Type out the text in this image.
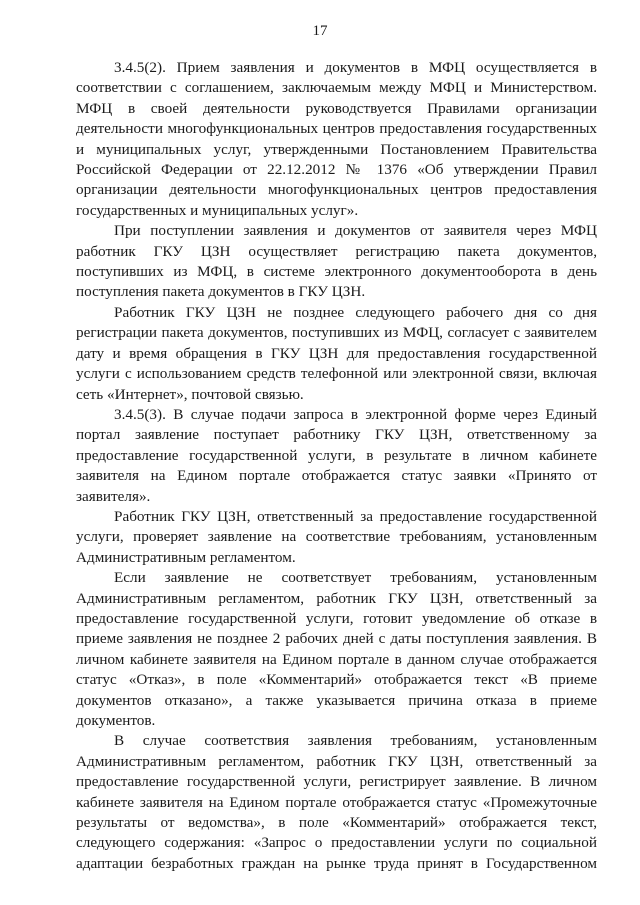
17

3.4.5(2). Прием заявления и документов в МФЦ осуществляется в
соответствии с соглашением, заключаемым между МФЦ и Министерством.
МФЦ в своей деятельности руководствуется Правилами организации
деятельности многофункциональных центров предоставления государственных
и муниципальных услуг, утвержденными Постановлением Правительства
Российской Федерации от 22.12.2012 № 1376 «Об утверждении Правил
организации деятельности многофункциональных центров предоставления
государственных и муниципальных услуг».

При поступлении заявления и документов от заявителя через МФЦ
работник ГКУ ЦЗН осуществляет регистрацию пакета документов,
поступивших из МФЦ, в системе электронного документооборота в день
поступления пакета документов в ГКУ ЦЗН.

Работник ГКУ ЦЗН не позднее следующего рабочего дня со дня
регистрации пакета документов, поступивших из МФЦ, согласует с заявителем
дату и время обращения в ГКУ ЦЗН для предоставления государственной
услуги с использованием средств телефонной или электронной связи, включая
сеть «Интернет», почтовой связью.

3.4.5(3). В случае подачи запроса в электронной форме через Единый
портал заявление поступает работнику ГКУ ЦЗН, ответственному за
предоставление государственной услуги, в результате в личном кабинете
заявителя на Едином портале отображается статус заявки «Принято от
заявителя».

Работник ГКУ ЦЗН, ответственный за предоставление государственной
услуги, проверяет заявление на соответствие требованиям, установленным
Административным регламентом.

Если заявление не соответствует требованиям, установленным
Административным регламентом, работник ГКУ ЦЗН, ответственный за
предоставление государственной услуги, готовит уведомление об отказе в
приеме заявления не позднее 2 рабочих дней с даты поступления заявления. В
личном кабинете заявителя на Едином портале в данном случае отображается
статус «Отказ», в поле «Комментарий» отображается текст «В приеме
документов отказано», а также указывается причина отказа в приеме
документов.

В случае соответствия заявления требованиям, установленным
Административным регламентом, работник ГКУ ЦЗН, ответственный за
предоставление государственной услуги, регистрирует заявление. В личном
кабинете заявителя на Едином портале отображается статус «Промежуточные
результаты от ведомства», в поле «Комментарий» отображается текст,
следующего содержания: «Запрос о предоставлении услуги по социальной
адаптации безработных граждан на рынке труда принят в Государственном
